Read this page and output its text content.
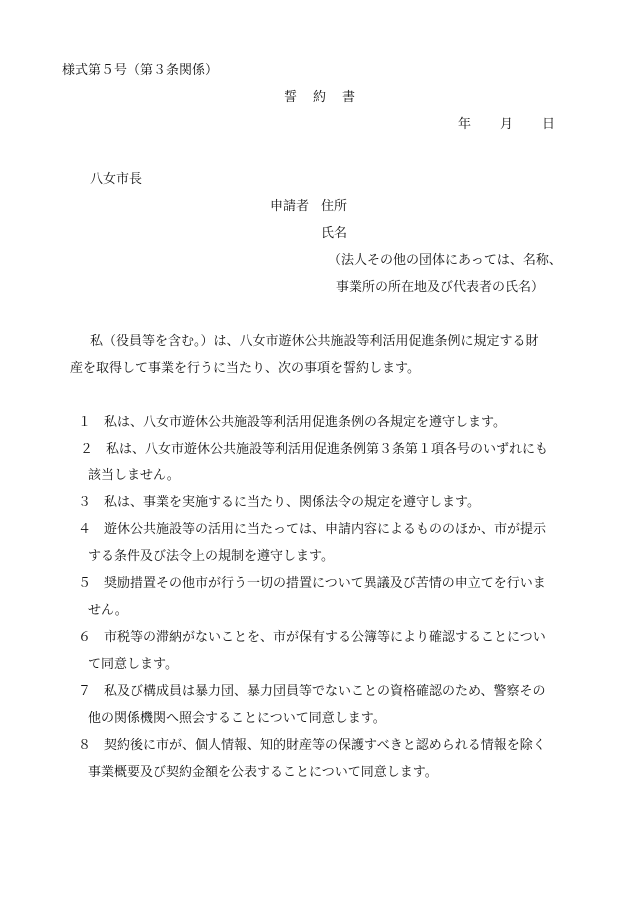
様式第５号（第３条関係）
誓 約 書
年 月 日
八女市長
申請者 住所
氏名
（法人その他の団体にあっては、名称、
事業所の所在地及び代表者の氏名）
私（役員等を含む。）は、八女市遊休公共施設等利活用促進条例に規定する財
産を取得して事業を行うに当たり、次の事項を誓約します。
１ 私は、八女市遊休公共施設等利活用促進条例の各規定を遵守します。
２ 私は、八女市遊休公共施設等利活用促進条例第３条第１項各号のいずれにも
該当しません。
３ 私は、事業を実施するに当たり、関係法令の規定を遵守します。
４ 遊休公共施設等の活用に当たっては、申請内容によるもののほか、市が提示
する条件及び法令上の規制を遵守します。
５ 奨励措置その他市が行う一切の措置について異議及び苦情の申立てを行いま
せん。
６ 市税等の滞納がないことを、市が保有する公簿等により確認することについ
て同意します。
７ 私及び構成員は暴力団、暴力団員等でないことの資格確認のため、警察その
他の関係機関へ照会することについて同意します。
８ 契約後に市が、個人情報、知的財産等の保護すべきと認められる情報を除く
事業概要及び契約金額を公表することについて同意します。
